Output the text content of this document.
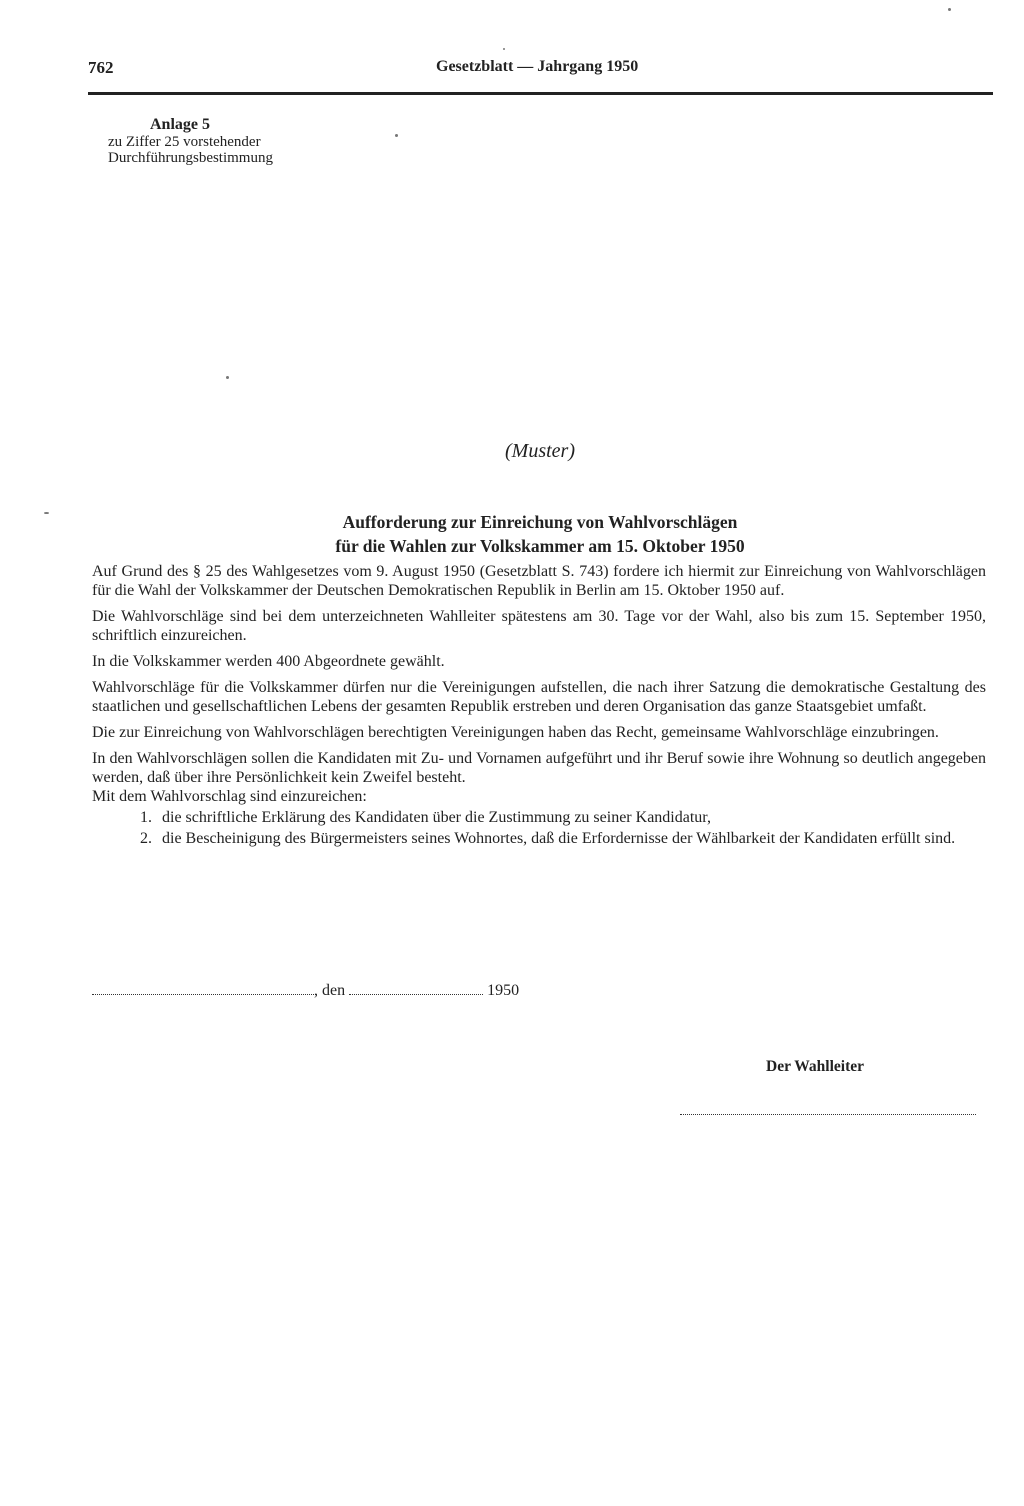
762	Gesetzblatt — Jahrgang 1950
Anlage 5
zu Ziffer 25 vorstehender
Durchführungsbestimmung
(Muster)
Aufforderung zur Einreichung von Wahlvorschlägen
für die Wahlen zur Volkskammer am 15. Oktober 1950

Auf Grund des § 25 des Wahlgesetzes vom 9. August 1950 (Gesetzblatt S. 743) fordere ich hiermit zur Einreichung von Wahlvorschlägen für die Wahl der Volkskammer der Deutschen Demokratischen Republik in Berlin am 15. Oktober 1950 auf.

Die Wahlvorschläge sind bei dem unterzeichneten Wahlleiter spätestens am 30. Tage vor der Wahl, also bis zum 15. September 1950, schriftlich einzureichen.

In die Volkskammer werden 400 Abgeordnete gewählt.

Wahlvorschläge für die Volkskammer dürfen nur die Vereinigungen aufstellen, die nach ihrer Satzung die demokratische Gestaltung des staatlichen und gesellschaftlichen Lebens der gesamten Republik erstreben und deren Organisation das ganze Staatsgebiet umfaßt.

Die zur Einreichung von Wahlvorschlägen berechtigten Vereinigungen haben das Recht, gemeinsame Wahlvorschläge einzubringen.

In den Wahlvorschlägen sollen die Kandidaten mit Zu- und Vornamen aufgeführt und ihr Beruf sowie ihre Wohnung so deutlich angegeben werden, daß über ihre Persönlichkeit kein Zweifel besteht.
Mit dem Wahlvorschlag sind einzureichen:

1. die schriftliche Erklärung des Kandidaten über die Zustimmung zu seiner Kandidatur,
2. die Bescheinigung des Bürgermeisters seines Wohnortes, daß die Erfordernisse der Wählbarkeit der Kandidaten erfüllt sind.
, den	1950
Der Wahlleiter
